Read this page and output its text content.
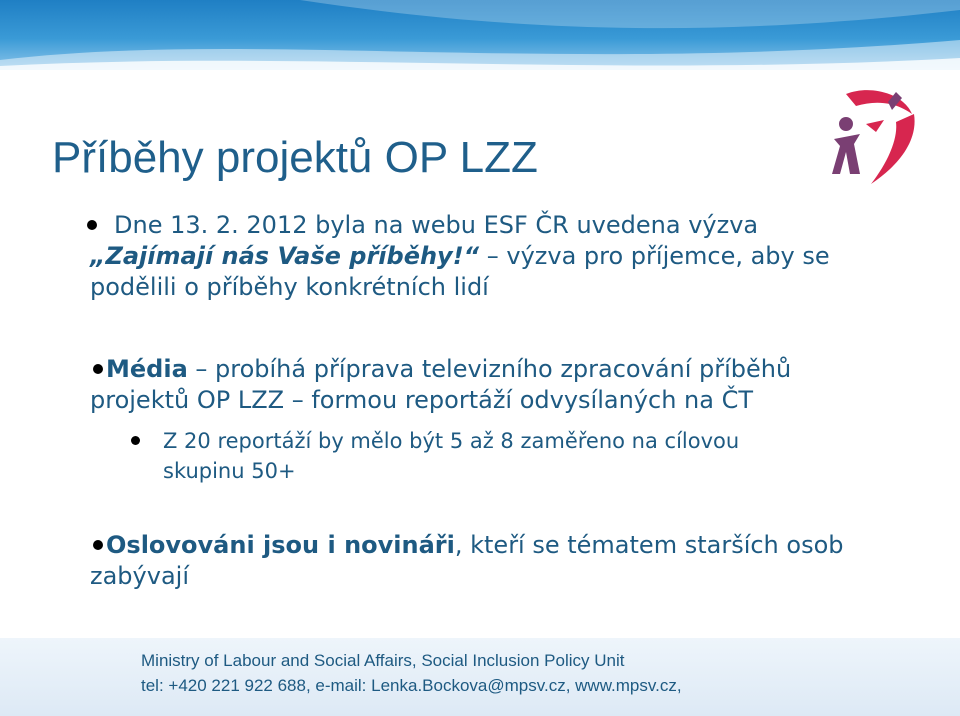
Příběhy projektů OP LZZ
Dne 13. 2. 2012 byla na webu ESF ČR uvedena výzva
„Zajímají nás Vaše příběhy!“ – výzva pro příjemce, aby se
podělili o příběhy konkrétních lidí
Média – probíhá příprava televizního zpracování příběhů
projektů OP LZZ – formou reportáží odvysílaných na ČT
Z 20 reportáží by mělo být 5 až 8 zaměřeno na cílovou
skupinu 50+
Oslovováni jsou i novináři, kteří se tématem starších osob
zabývají
Ministry of Labour and Social Affairs, Social Inclusion Policy Unit
tel: +420 221 922 688, e-mail: Lenka.Bockova@mpsv.cz, www.mpsv.cz,
